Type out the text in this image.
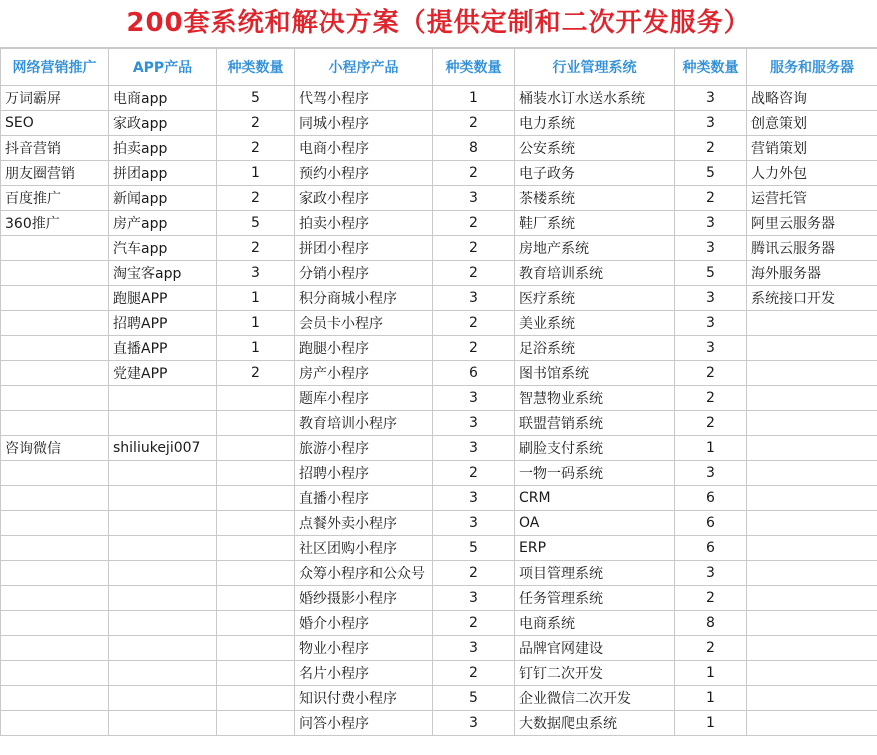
200套系统和解决方案（提供定制和二次开发服务）
网络营销推广	APP产品	种类数量	小程序产品	种类数量	行业管理系统	种类数量	服务和服务器
万词霸屏	电商app	5	代驾小程序	1	桶装水订水送水系统	3	战略咨询
SEO	家政app	2	同城小程序	2	电力系统	3	创意策划
抖音营销	拍卖app	2	电商小程序	8	公安系统	2	营销策划
朋友圈营销	拼团app	1	预约小程序	2	电子政务	5	人力外包
百度推广	新闻app	2	家政小程序	3	茶楼系统	2	运营托管
360推广	房产app	5	拍卖小程序	2	鞋厂系统	3	阿里云服务器
	汽车app	2	拼团小程序	2	房地产系统	3	腾讯云服务器
	淘宝客app	3	分销小程序	2	教育培训系统	5	海外服务器
	跑腿APP	1	积分商城小程序	3	医疗系统	3	系统接口开发
	招聘APP	1	会员卡小程序	2	美业系统	3	
	直播APP	1	跑腿小程序	2	足浴系统	3	
	党建APP	2	房产小程序	6	图书馆系统	2	
			题库小程序	3	智慧物业系统	2	
			教育培训小程序	3	联盟营销系统	2	
咨询微信	shiliukeji007		旅游小程序	3	刷脸支付系统	1	
			招聘小程序	2	一物一码系统	3	
			直播小程序	3	CRM	6	
			点餐外卖小程序	3	OA	6	
			社区团购小程序	5	ERP	6	
			众筹小程序和公众号	2	项目管理系统	3	
			婚纱摄影小程序	3	任务管理系统	2	
			婚介小程序	2	电商系统	8	
			物业小程序	3	品牌官网建设	2	
			名片小程序	2	钉钉二次开发	1	
			知识付费小程序	5	企业微信二次开发	1	
			问答小程序	3	大数据爬虫系统	1	
